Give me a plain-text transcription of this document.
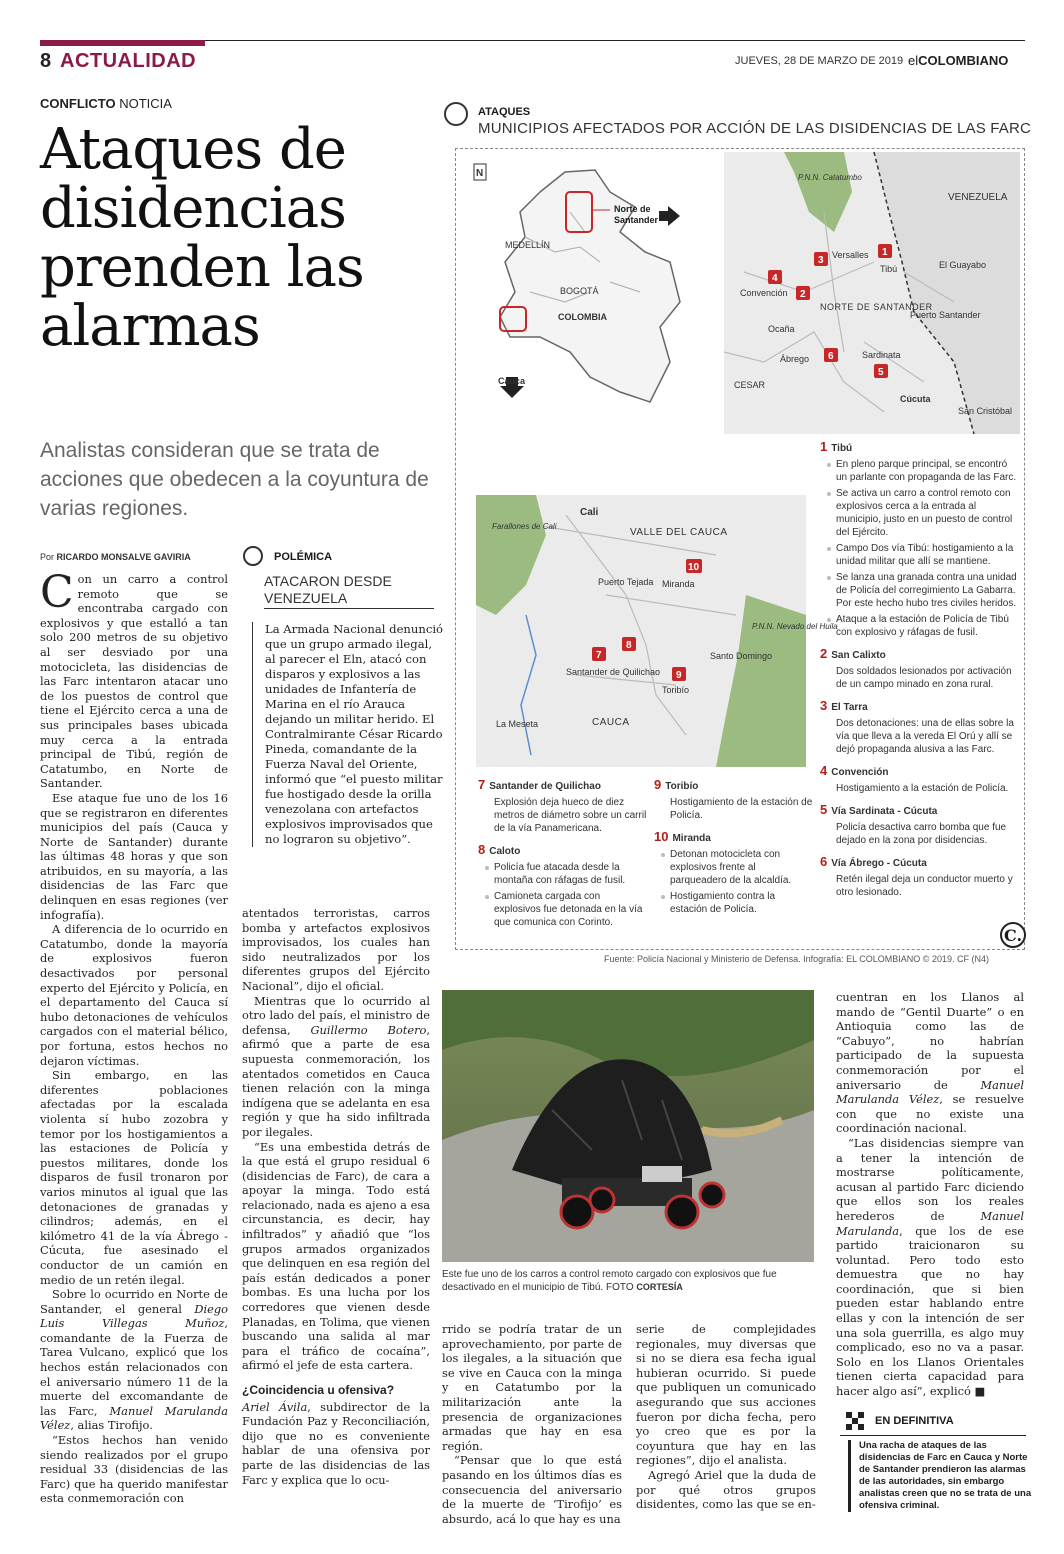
8 ACTUALIDAD	JUEVES, 28 DE MARZO DE 2019 elCOLOMBIANO
CONFLICTO NOTICIA
Ataques de disidencias prenden las alarmas
Analistas consideran que se trata de acciones que obedecen a la coyuntura de varias regiones.
Por RICARDO MONSALVE GAVIRIA

Con un carro a control remoto que se encontraba cargado con explosivos y que estalló a tan solo 200 metros de su objetivo al ser desviado por una motocicleta, las disidencias de las Farc intentaron atacar uno de los puestos de control que tiene el Ejército cerca a una de sus principales bases ubicada muy cerca a la entrada principal de Tibú, región de Catatumbo, en Norte de Santander.

Ese ataque fue uno de los 16 que se registraron en diferentes municipios del país (Cauca y Norte de Santander) durante las últimas 48 horas y que son atribuidos, en su mayoría, a las disidencias de las Farc que delinquen en esas regiones (ver infografía).

A diferencia de lo ocurrido en Catatumbo, donde la mayoría de explosivos fueron desactivados por personal experto del Ejército y Policía, en el departamento del Cauca sí hubo detonaciones de vehículos cargados con el material bélico, por fortuna, estos hechos no dejaron víctimas.

Sin embargo, en las diferentes poblaciones afectadas por la escalada violenta sí hubo zozobra y temor por los hostigamientos a las estaciones de Policía y puestos militares, donde los disparos de fusil tronaron por varios minutos al igual que las detonaciones de granadas y cilindros; además, en el kilómetro 41 de la vía Ábrego - Cúcuta, fue asesinado el conductor de un camión en medio de un retén ilegal.

Sobre lo ocurrido en Norte de Santander, el general Diego Luis Villegas Muñoz, comandante de la Fuerza de Tarea Vulcano, explicó que los hechos están relacionados con el aniversario número 11 de la muerte del excomandante de las Farc, Manuel Marulanda Vélez, alias Tirofijo.

“Estos hechos han venido siendo realizados por el grupo residual 33 (disidencias de las Farc) que ha querido manifestar esta conmemoración con

POLÉMICA
ATACARON DESDE VENEZUELA

La Armada Nacional denunció que un grupo armado ilegal, al parecer el Eln, atacó con disparos y explosivos a las unidades de Infantería de Marina en el río Arauca dejando un militar herido. El Contralmirante César Ricardo Pineda, comandante de la Fuerza Naval del Oriente, informó que “el puesto militar fue hostigado desde la orilla venezolana con artefactos explosivos improvisados que no lograron su objetivo”.

atentados terroristas, carros bomba y artefactos explosivos improvisados, los cuales han sido neutralizados por los diferentes grupos del Ejército Nacional”, dijo el oficial.

Mientras que lo ocurrido al otro lado del país, el ministro de defensa, Guillermo Botero, afirmó que a parte de esa supuesta conmemoración, los atentados cometidos en Cauca tienen relación con la minga indígena que se adelanta en esa región y que ha sido infiltrada por ilegales.

“Es una embestida detrás de la que está el grupo residual 6 (disidencias de Farc), de cara a apoyar la minga. Todo está relacionado, nada es ajeno a esa circunstancia, es decir, hay infiltrados” y añadió que “los grupos armados organizados que delinquen en esa región del país están dedicados a poner bombas. Es una lucha por los corredores que vienen desde Planadas, en Tolima, que vienen buscando una salida al mar para el tráfico de cocaína”, afirmó el jefe de esta cartera.

¿Coincidencia u ofensiva?

Ariel Ávila, subdirector de la Fundación Paz y Reconciliación, dijo que no es conveniente hablar de una ofensiva por parte de las disidencias de las Farc y explica que lo ocu-

ATAQUES
MUNICIPIOS AFECTADOS POR ACCIÓN DE LAS DISIDENCIAS DE LAS FARC
N
MEDELLÍN
BOGOTÁ
COLOMBIA
Norte de Santander
Cauca
P.N.N. Catatumbo
VENEZUELA
Versalles
Tibú	El Guayabo
Convención
NORTE DE SANTANDER
Puerto Santander
Ocaña
Sardinata
Ábrego
CESAR
Cúcuta
San Cristóbal
1
2
3
4
5
6
Farallones de Cali
Cali
VALLE DEL CAUCA
Puerto Tejada Miranda
Santander de Quilichao
Santo Domingo
Toribío
La Meseta	CAUCA
P.N.N. Nevado del Huila
7
8
9
10
1 Tibú
En pleno parque principal, se encontró un parlante con propaganda de las Farc.
Se activa un carro a control remoto con explosivos cerca a la entrada al municipio, justo en un puesto de control del Ejército.
Campo Dos vía Tibú: hostigamiento a la unidad militar que allí se mantiene.
Se lanza una granada contra una unidad de Policía del corregimiento La Gabarra. Por este hecho hubo tres civiles heridos.
Ataque a la estación de Policía de Tibú con explosivo y ráfagas de fusil.
2 San Calixto
Dos soldados lesionados por activación de un campo minado en zona rural.
3 El Tarra
Dos detonaciones: una de ellas sobre la vía que lleva a la vereda El Orú y allí se dejó propaganda alusiva a las Farc.
4 Convención
Hostigamiento a la estación de Policía.
5 Vía Sardinata - Cúcuta
Policía desactiva carro bomba que fue dejado en la zona por disidencias.
6 Vía Ábrego - Cúcuta
Retén ilegal deja un conductor muerto y otro lesionado.
7 Santander de Quilichao
Explosión deja hueco de diez metros de diámetro sobre un carril de la vía Panamericana.
8 Caloto
Policía fue atacada desde la montaña con ráfagas de fusil.
Camioneta cargada con explosivos fue detonada en la vía que comunica con Corinto.
9 Toribío
Hostigamiento de la estación de Policía.
10 Miranda
Detonan motocicleta con explosivos frente al parqueadero de la alcaldía.
Hostigamiento contra la estación de Policía.
C.
Fuente: Policía Nacional y Ministerio de Defensa. Infografía: EL COLOMBIANO © 2019. CF (N4)
Este fue uno de los carros a control remoto cargado con explosivos que fue desactivado en el municipio de Tibú. FOTO CORTESÍA

rrido se podría tratar de un aprovechamiento, por parte de los ilegales, a la situación que se vive en Cauca con la minga y en Catatumbo por la militarización ante la presencia de organizaciones armadas que hay en esa región.

“Pensar que lo que está pasando en los últimos días es consecuencia del aniversario de la muerte de ‘Tirofijo’ es absurdo, acá lo que hay es una

serie de complejidades regionales, muy diversas que si no se diera esa fecha igual hubieran ocurrido. Si puede que publiquen un comunicado asegurando que sus acciones fueron por dicha fecha, pero yo creo que es por la coyuntura que hay en las regiones”, dijo el analista.

Agregó Ariel que la duda de por qué otros grupos disidentes, como las que se en-

cuentran en los Llanos al mando de “Gentil Duarte” o en Antioquia como las de “Cabuyo”, no habrían participado de la supuesta conmemoración por el aniversario de Manuel Marulanda Vélez, se resuelve con que no existe una coordinación nacional.

“Las disidencias siempre van a tener la intención de mostrarse políticamente, acusan al partido Farc diciendo que ellos son los reales herederos de Manuel Marulanda, que los de ese partido traicionaron su voluntad. Pero todo esto demuestra que no hay coordinación, que si bien pueden estar hablando entre ellas y con la intención de ser una sola guerrilla, es algo muy complicado, eso no va a pasar. Solo en los Llanos Orientales tienen cierta capacidad para hacer algo así”, explicó ■

EN DEFINITIVA
Una racha de ataques de las disidencias de Farc en Cauca y Norte de Santander prendieron las alarmas de las autoridades, sin embargo analistas creen que no se trata de una ofensiva criminal.
